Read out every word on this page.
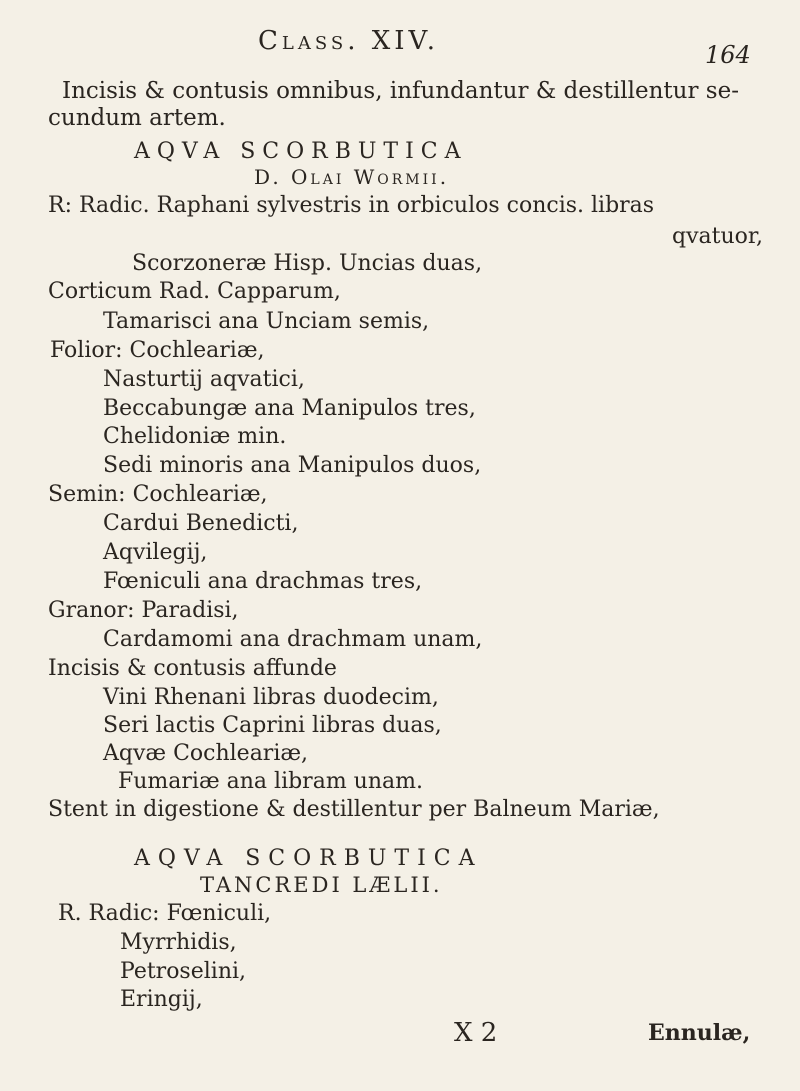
Class. XIV.	164
Incisis & contusis omnibus, infundantur & destillentur se-
cundum artem.
AQVA SCORBUTICA
D. Olai Wormii.
R: Radic. Raphani sylvestris in orbiculos concis. libras
qvatuor,
Scorzoneræ Hisp. Uncias duas,
Corticum Rad. Capparum,
Tamarisci ana Unciam semis,
Folior: Cochleariæ,
Nasturtij aqvatici,
Beccabungæ ana Manipulos tres,
Chelidoniæ min.
Sedi minoris ana Manipulos duos,
Semin: Cochleariæ,
Cardui Benedicti,
Aqvilegij,
Fœniculi ana drachmas tres,
Granor: Paradisi,
Cardamomi ana drachmam unam,
Incisis & contusis affunde
Vini Rhenani libras duodecim,
Seri lactis Caprini libras duas,
Aqvæ Cochleariæ,
Fumariæ ana libram unam.
Stent in digestione & destillentur per Balneum Mariæ,
AQVA SCORBUTICA
TANCREDI LÆLII.
R. Radic: Fœniculi,
Myrrhidis,
Petroselini,
Eringij,
X 2	Ennulæ,
